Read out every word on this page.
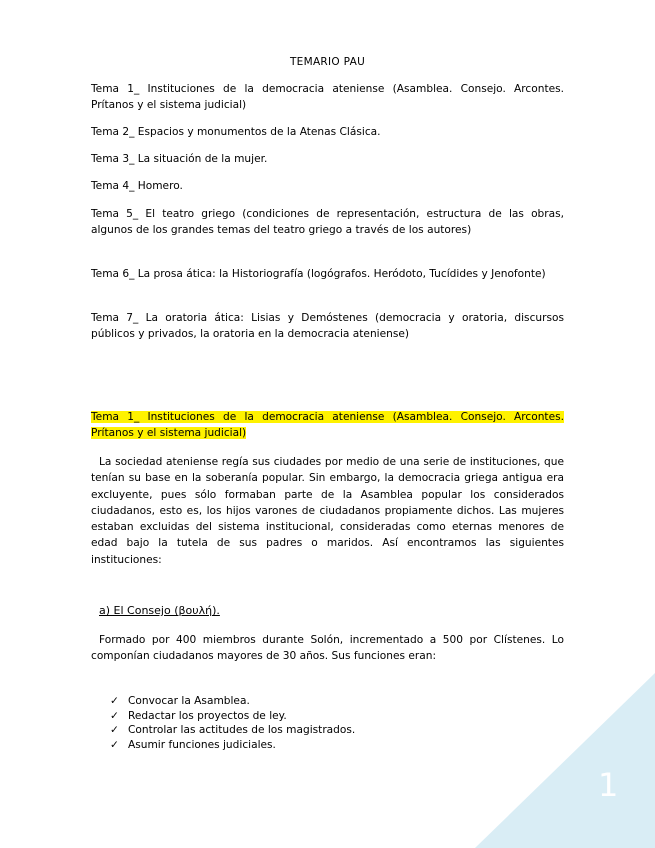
TEMARIO PAU
Tema 1_ Instituciones de la democracia ateniense (Asamblea. Consejo. Arcontes. Prítanos y el sistema judicial)
Tema 2_ Espacios y monumentos de la Atenas Clásica.
Tema 3_ La situación de la mujer.
Tema 4_ Homero.
Tema 5_ El teatro griego (condiciones de representación, estructura de las obras, algunos de los grandes temas del teatro griego a través de los autores)
Tema 6_ La prosa ática: la Historiografía (logógrafos. Heródoto, Tucídides y Jenofonte)
Tema 7_ La oratoria ática: Lisias y Demóstenes (democracia y oratoria, discursos públicos y privados, la oratoria en la democracia ateniense)
Tema 1_ Instituciones de la democracia ateniense (Asamblea. Consejo. Arcontes. Prítanos y el sistema judicial)
La sociedad ateniense regía sus ciudades por medio de una serie de instituciones, que tenían su base en la soberanía popular. Sin embargo, la democracia griega antigua era excluyente, pues sólo formaban parte de la Asamblea popular los considerados ciudadanos, esto es, los hijos varones de ciudadanos propiamente dichos. Las mujeres estaban excluidas del sistema institucional, consideradas como eternas menores de edad bajo la tutela de sus padres o maridos. Así encontramos las siguientes instituciones:
a) El Consejo (βουλή).
Formado por 400 miembros durante Solón, incrementado a 500 por Clístenes. Lo componían ciudadanos mayores de 30 años. Sus funciones eran:
✓ Convocar la Asamblea.
✓ Redactar los proyectos de ley.
✓ Controlar las actitudes de los magistrados.
✓ Asumir funciones judiciales.
1
